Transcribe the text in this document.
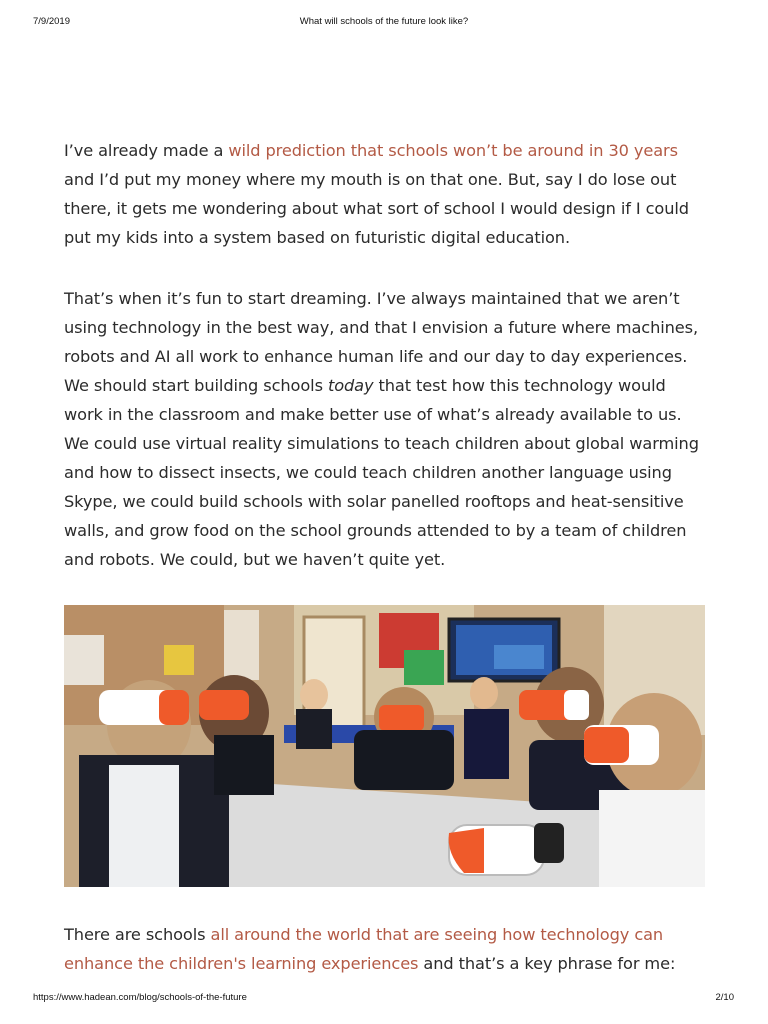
7/9/2019	What will schools of the future look like?

I’ve already made a wild prediction that schools won’t be around in 30 years and I’d put my money where my mouth is on that one. But, say I do lose out there, it gets me wondering about what sort of school I would design if I could put my kids into a system based on futuristic digital education.

That’s when it’s fun to start dreaming. I’ve always maintained that we aren’t using technology in the best way, and that I envision a future where machines, robots and AI all work to enhance human life and our day to day experiences. We should start building schools today that test how this technology would work in the classroom and make better use of what’s already available to us. We could use virtual reality simulations to teach children about global warming and how to dissect insects, we could teach children another language using Skype, we could build schools with solar panelled rooftops and heat-sensitive walls, and grow food on the school grounds attended to by a team of children and robots. We could, but we haven’t quite yet.

There are schools all around the world that are seeing how technology can enhance the children's learning experiences and that’s a key phrase for me:

https://www.hadean.com/blog/schools-of-the-future	2/10
